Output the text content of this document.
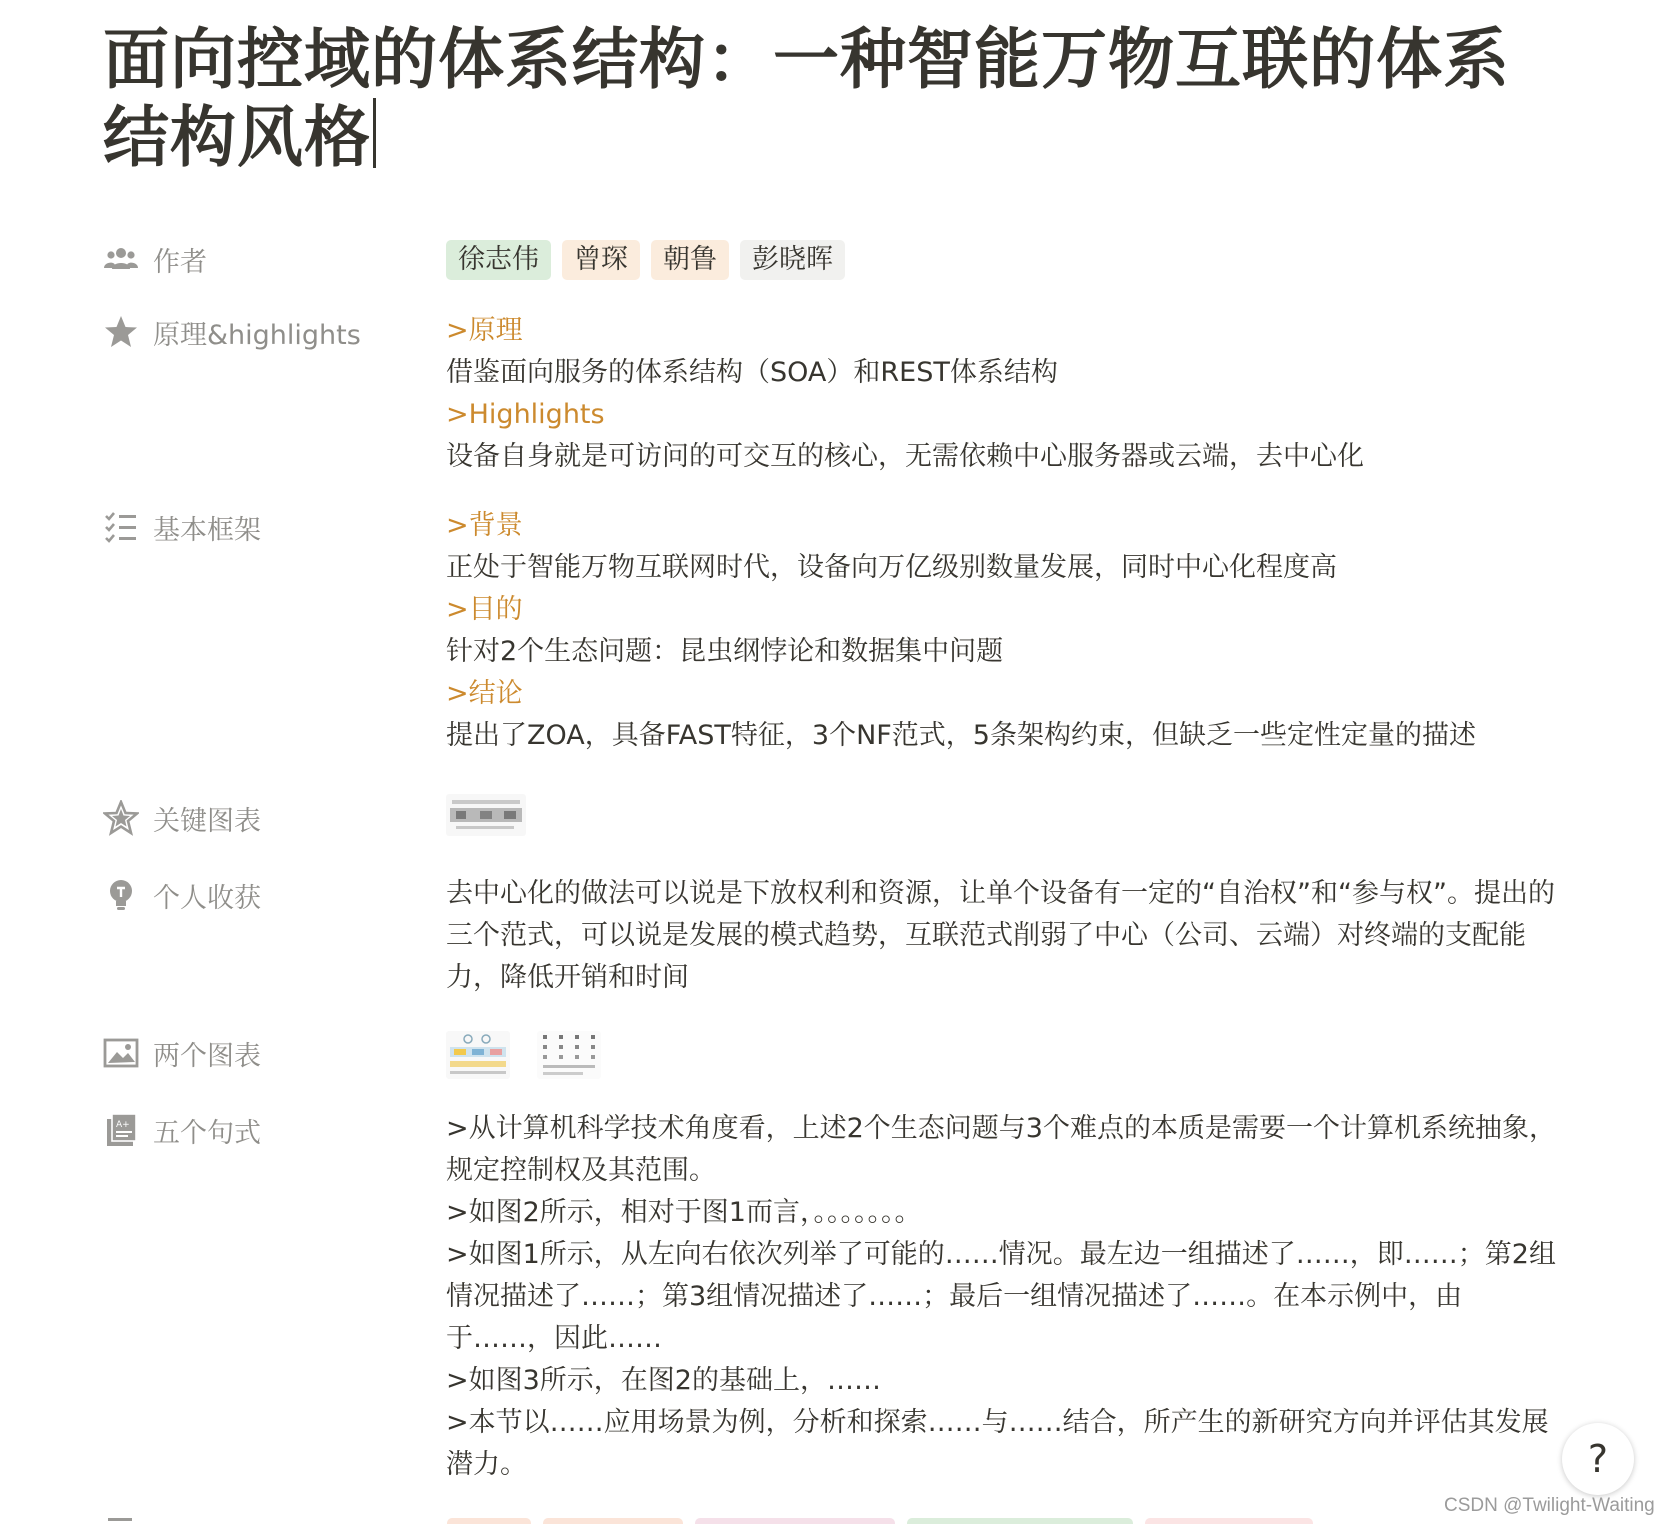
面向控域的体系结构：一种智能万物互联的体系结构风格
作者	徐志伟 曾琛 朝鲁 彭晓晖
原理&highlights	>原理
借鉴面向服务的体系结构（SOA）和REST体系结构
>Highlights
设备自身就是可访问的可交互的核心，无需依赖中心服务器或云端，去中心化
基本框架	>背景
正处于智能万物互联网时代，设备向万亿级别数量发展，同时中心化程度高
>目的
针对2个生态问题：昆虫纲悖论和数据集中问题
>结论
提出了ZOA，具备FAST特征，3个NF范式，5条架构约束，但缺乏一些定性定量的描述
关键图表
个人收获	去中心化的做法可以说是下放权利和资源，让单个设备有一定的“自治权”和“参与权”。提出的三个范式，可以说是发展的模式趋势，互联范式削弱了中心（公司、云端）对终端的支配能力，降低开销和时间
两个图表

A+ 五个句式	>从计算机科学技术角度看，上述2个生态问题与3个难点的本质是需要一个计算机系统抽象，规定控制权及其范围。
>如图2所示，相对于图1而言，。。。。。。。
>如图1所示，从左向右依次列举了可能的……情况。最左边一组描述了……，即……；第2组情况描述了……；第3组情况描述了……；最后一组情况描述了……。在本示例中，由于……，因此……
>如图3所示，在图2的基础上，……
>本节以……应用场景为例，分析和探索……与……结合，所产生的新研究方向并评估其发展潜力。	?
CSDN @Twilight-Waiting
